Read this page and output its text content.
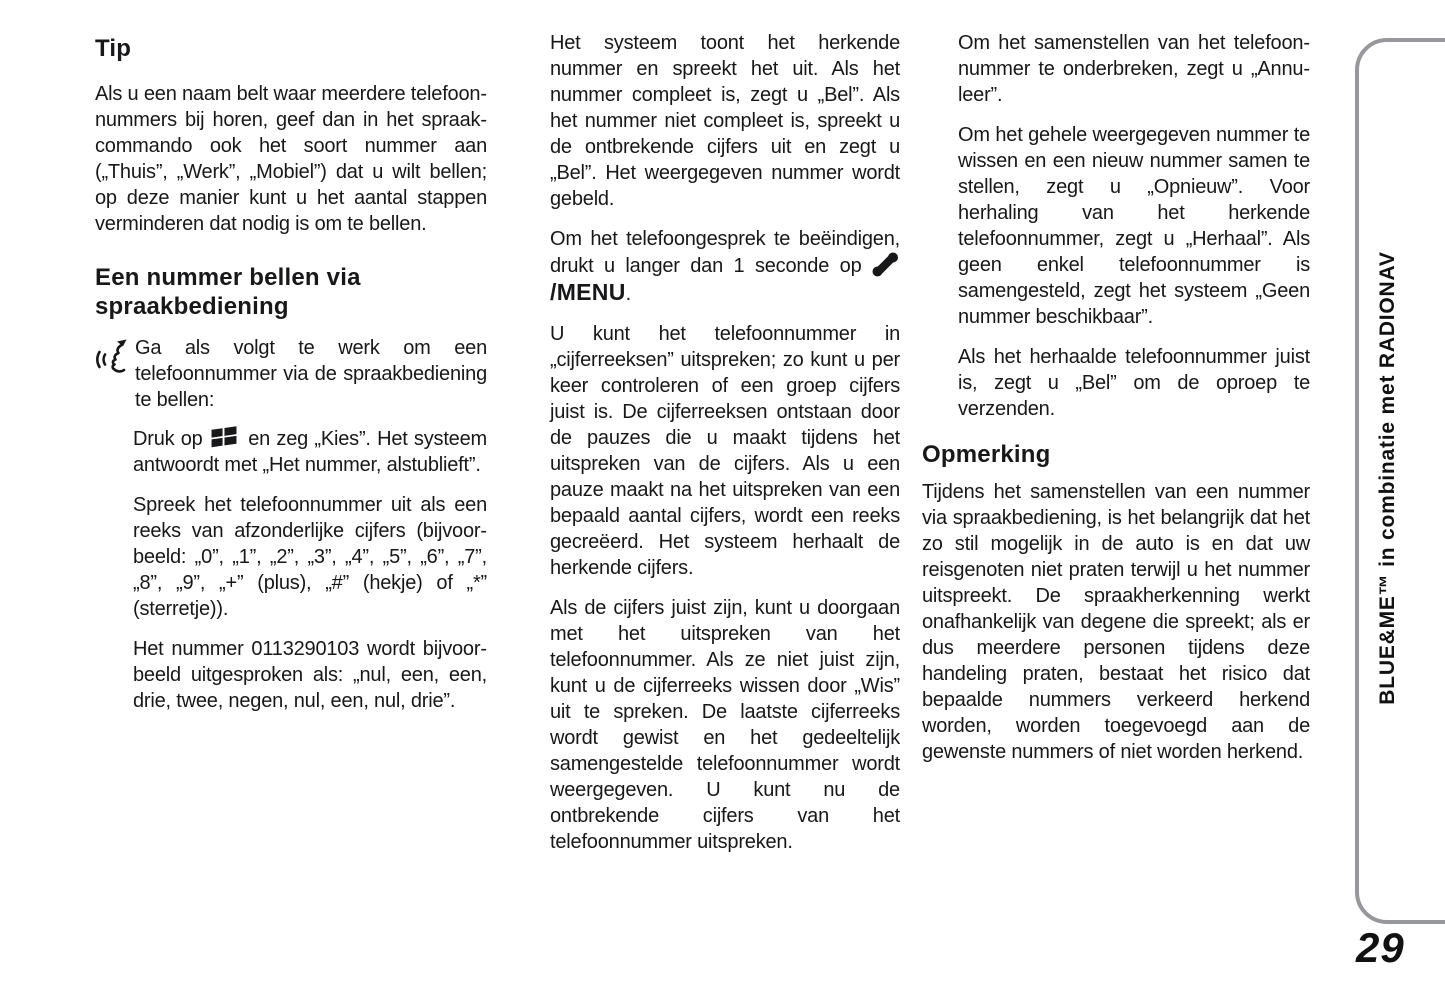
Tip

Als u een naam belt waar meerdere telefoonnummers bij horen, geef dan in het spraakcommando ook het soort nummer aan („Thuis”, „Werk”, „Mobiel”) dat u wilt bellen; op deze manier kunt u het aantal stappen verminderen dat nodig is om te bellen.

Een nummer bellen via spraakbediening

Ga als volgt te werk om een telefoonnummer via de spraakbediening te bellen:

Druk op  en zeg „Kies”. Het systeem antwoordt met „Het nummer, alstublieft”.

Spreek het telefoonnummer uit als een reeks van afzonderlijke cijfers (bijvoorbeeld: „0”, „1”, „2”, „3”, „4”, „5”, „6”, „7”, „8”, „9”, „+” (plus), „#” (hekje) of „*” (sterretje)).

Het nummer 0113290103 wordt bijvoorbeeld uitgesproken als: „nul, een, een, drie, twee, negen, nul, een, nul, drie”.

Het systeem toont het herkende nummer en spreekt het uit. Als het nummer compleet is, zegt u „Bel”. Als het nummer niet compleet is, spreekt u de ontbrekende cijfers uit en zegt u „Bel”. Het weergegeven nummer wordt gebeld.

Om het telefoongesprek te beëindigen, drukt u langer dan 1 seconde op /MENU.

U kunt het telefoonnummer in „cijferreeksen” uitspreken; zo kunt u per keer controleren of een groep cijfers juist is. De cijferreeksen ontstaan door de pauzes die u maakt tijdens het uitspreken van de cijfers. Als u een pauze maakt na het uitspreken van een bepaald aantal cijfers, wordt een reeks gecreëerd. Het systeem herhaalt de herkende cijfers.

Als de cijfers juist zijn, kunt u doorgaan met het uitspreken van het telefoonnummer. Als ze niet juist zijn, kunt u de cijferreeks wissen door „Wis” uit te spreken. De laatste cijferreeks wordt gewist en het gedeeltelijk samengestelde telefoonnummer wordt weergegeven. U kunt nu de ontbrekende cijfers van het telefoonnummer uitspreken.

Om het samenstellen van het telefoonnummer te onderbreken, zegt u „Annuleer”.

Om het gehele weergegeven nummer te wissen en een nieuw nummer samen te stellen, zegt u „Opnieuw”. Voor herhaling van het herkende telefoonnummer, zegt u „Herhaal”. Als geen enkel telefoonnummer is samengesteld, zegt het systeem „Geen nummer beschikbaar”.

Als het herhaalde telefoonnummer juist is, zegt u „Bel” om de oproep te verzenden.

Opmerking

Tijdens het samenstellen van een nummer via spraakbediening, is het belangrijk dat het zo stil mogelijk in de auto is en dat uw reisgenoten niet praten terwijl u het nummer uitspreekt. De spraakherkenning werkt onafhankelijk van degene die spreekt; als er dus meerdere personen tijdens deze handeling praten, bestaat het risico dat bepaalde nummers verkeerd herkend worden, worden toegevoegd aan de gewenste nummers of niet worden herkend.

BLUE&ME™ in combinatie met RADIONAV
29
